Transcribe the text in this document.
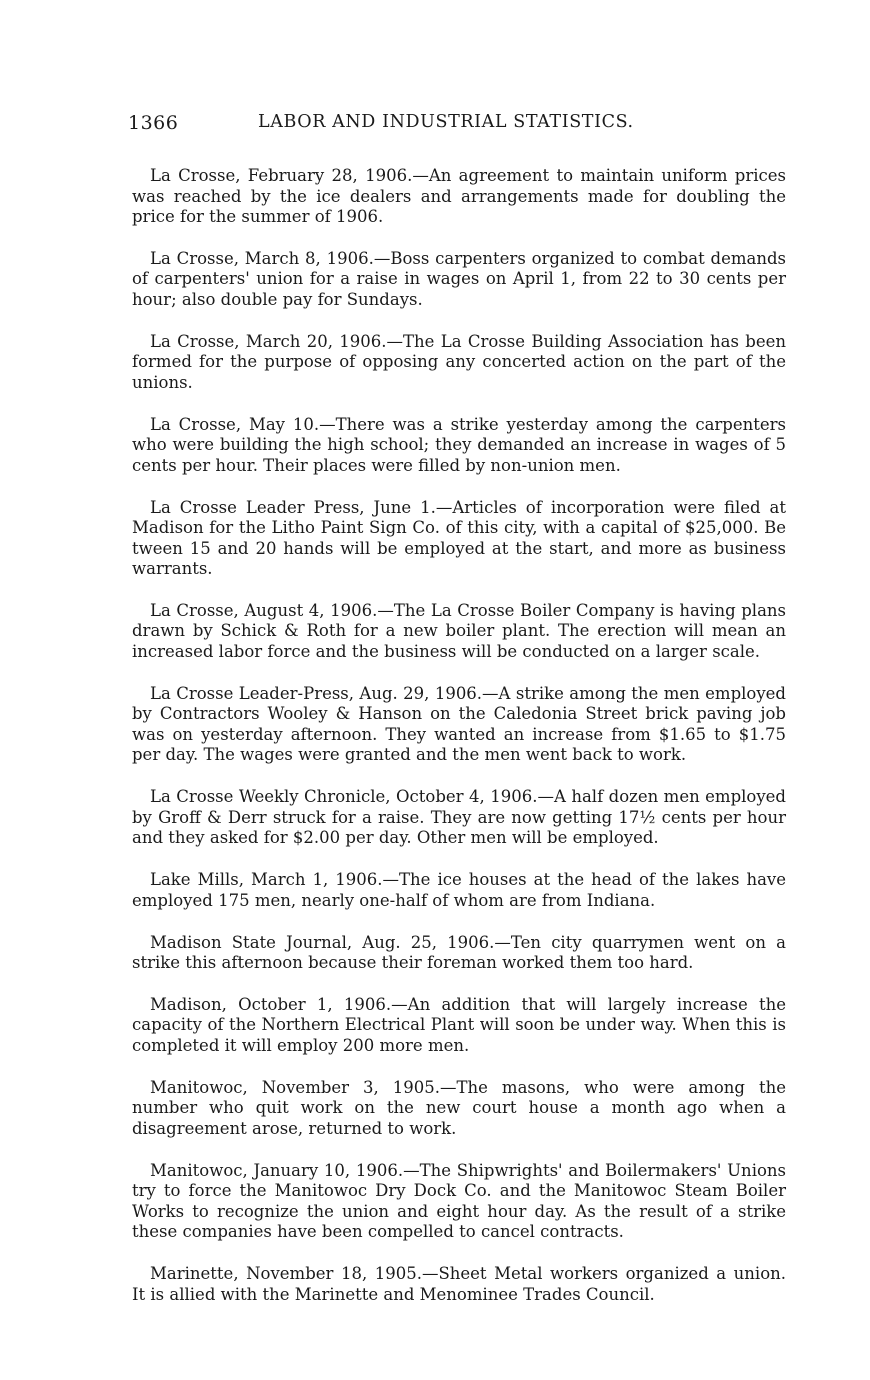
1366	LABOR AND INDUSTRIAL STATISTICS.

La Crosse, February 28, 1906.—An agreement to maintain uniform prices was reached by the ice dealers and arrangements made for doubling the price for the summer of 1906.

La Crosse, March 8, 1906.—Boss carpenters organized to combat demands of carpenters' union for a raise in wages on April 1, from 22 to 30 cents per hour; also double pay for Sundays.

La Crosse, March 20, 1906.—The La Crosse Building Association has been formed for the purpose of opposing any concerted action on the part of the unions.

La Crosse, May 10.—There was a strike yesterday among the carpenters who were building the high school; they demanded an increase in wages of 5 cents per hour. Their places were filled by non-union men.

La Crosse Leader Press, June 1.—Articles of incorporation were filed at Madison for the Litho Paint Sign Co. of this city, with a capital of $25,000. Be tween 15 and 20 hands will be employed at the start, and more as business warrants.

La Crosse, August 4, 1906.—The La Crosse Boiler Company is having plans drawn by Schick & Roth for a new boiler plant. The erection will mean an increased labor force and the business will be conducted on a larger scale.

La Crosse Leader-Press, Aug. 29, 1906.—A strike among the men employed by Contractors Wooley & Hanson on the Caledonia Street brick paving job was on yesterday afternoon. They wanted an increase from $1.65 to $1.75 per day. The wages were granted and the men went back to work.

La Crosse Weekly Chronicle, October 4, 1906.—A half dozen men employed by Groff & Derr struck for a raise. They are now getting 17½ cents per hour and they asked for $2.00 per day. Other men will be employed.

Lake Mills, March 1, 1906.—The ice houses at the head of the lakes have employed 175 men, nearly one-half of whom are from Indiana.

Madison State Journal, Aug. 25, 1906.—Ten city quarrymen went on a strike this afternoon because their foreman worked them too hard.

Madison, October 1, 1906.—An addition that will largely increase the capacity of the Northern Electrical Plant will soon be under way. When this is completed it will employ 200 more men.

Manitowoc, November 3, 1905.—The masons, who were among the number who quit work on the new court house a month ago when a disagreement arose, returned to work.

Manitowoc, January 10, 1906.—The Shipwrights' and Boilermakers' Unions try to force the Manitowoc Dry Dock Co. and the Manitowoc Steam Boiler Works to recognize the union and eight hour day. As the result of a strike these companies have been compelled to cancel contracts.

Marinette, November 18, 1905.—Sheet Metal workers organized a union. It is allied with the Marinette and Menominee Trades Council.
